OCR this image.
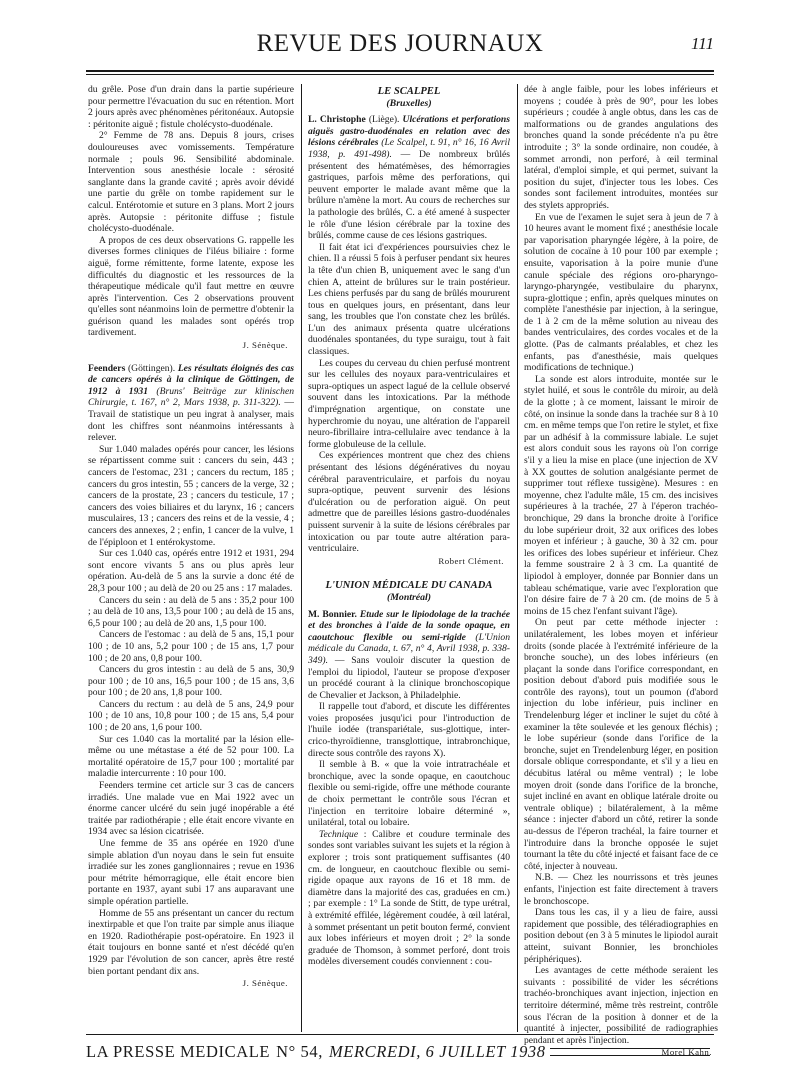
REVUE DES JOURNAUX	111

du grêle. Pose d'un drain dans la partie supérieure pour permettre l'évacuation du suc en rétention. Mort 2 jours après avec phénomènes péritonéaux. Autopsie : péritonite aiguë ; fistule cholécysto-duodénale.

2° Femme de 78 ans. Depuis 8 jours, crises douloureuses avec vomissements. Température normale ; pouls 96. Sensibilité abdominale. Intervention sous anesthésie locale : sérosité sanglante dans la grande cavité ; après avoir dévidé une partie du grêle on tombe rapidement sur le calcul. Entérotomie et suture en 3 plans. Mort 2 jours après. Autopsie : péritonite diffuse ; fistule cholécysto-duodénale.

A propos de ces deux observations G. rappelle les diverses formes cliniques de l'iléus biliaire : forme aiguë, forme rémittente, forme latente, expose les difficultés du diagnostic et les ressources de la thérapeutique médicale qu'il faut mettre en œuvre après l'intervention. Ces 2 observations prouvent qu'elles sont néanmoins loin de permettre d'obtenir la guérison quand les malades sont opérés trop tardivement.

J. Sénèque.

Feenders (Göttingen). Les résultats éloignés des cas de cancers opérés à la clinique de Göttingen, de 1912 à 1931 (Bruns' Beiträge zur klinischen Chirurgie, t. 167, n° 2, Mars 1938, p. 311-322). — Travail de statistique un peu ingrat à analyser, mais dont les chiffres sont néanmoins intéressants à relever.

Sur 1.040 malades opérés pour cancer, les lésions se répartissent comme suit : cancers du sein, 443 ; cancers de l'estomac, 231 ; cancers du rectum, 185 ; cancers du gros intestin, 55 ; cancers de la verge, 32 ; cancers de la prostate, 23 ; cancers du testicule, 17 ; cancers des voies biliaires et du larynx, 16 ; cancers musculaires, 13 ; cancers des reins et de la vessie, 4 ; cancers des annexes, 2 ; enfin, 1 cancer de la vulve, 1 de l'épiploon et 1 entérokystome.

Sur ces 1.040 cas, opérés entre 1912 et 1931, 294 sont encore vivants 5 ans ou plus après leur opération. Au-delà de 5 ans la survie a donc été de 28,3 pour 100 ; au delà de 20 ou 25 ans : 17 malades.

Cancers du sein : au delà de 5 ans : 35,2 pour 100 ; au delà de 10 ans, 13,5 pour 100 ; au delà de 15 ans, 6,5 pour 100 ; au delà de 20 ans, 1,5 pour 100.

Cancers de l'estomac : au delà de 5 ans, 15,1 pour 100 ; de 10 ans, 5,2 pour 100 ; de 15 ans, 1,7 pour 100 ; de 20 ans, 0,8 pour 100.

Cancers du gros intestin : au delà de 5 ans, 30,9 pour 100 ; de 10 ans, 16,5 pour 100 ; de 15 ans, 3,6 pour 100 ; de 20 ans, 1,8 pour 100.

Cancers du rectum : au delà de 5 ans, 24,9 pour 100 ; de 10 ans, 10,8 pour 100 ; de 15 ans, 5,4 pour 100 ; de 20 ans, 1,6 pour 100.

Sur ces 1.040 cas la mortalité par la lésion elle-même ou une métastase a été de 52 pour 100. La mortalité opératoire de 15,7 pour 100 ; mortalité par maladie intercurrente : 10 pour 100.

Feenders termine cet article sur 3 cas de cancers irradiés. Une malade vue en Mai 1922 avec un énorme cancer ulcéré du sein jugé inopérable a été traitée par radiothérapie ; elle était encore vivante en 1934 avec sa lésion cicatrisée.

Une femme de 35 ans opérée en 1920 d'une simple ablation d'un noyau dans le sein fut ensuite irradiée sur les zones ganglionnaires ; revue en 1936 pour métrite hémorragique, elle était encore bien portante en 1937, ayant subi 17 ans auparavant une simple opération partielle.

Homme de 55 ans présentant un cancer du rectum inextirpable et que l'on traite par simple anus iliaque en 1920. Radiothérapie post-opératoire. En 1923 il était toujours en bonne santé et n'est décédé qu'en 1929 par l'évolution de son cancer, après être resté bien portant pendant dix ans.

J. Sénèque.
LE SCALPEL
(Bruxelles)

L. Christophe (Liège). Ulcérations et perforations aiguës gastro-duodénales en relation avec des lésions cérébrales (Le Scalpel, t. 91, n° 16, 16 Avril 1938, p. 491-498). — De nombreux brûlés présentent des hématémèses, des hémorragies gastriques, parfois même des perforations, qui peuvent emporter le malade avant même que la brûlure n'amène la mort. Au cours de recherches sur la pathologie des brûlés, C. a été amené à suspecter le rôle d'une lésion cérébrale par la toxine des brûlés, comme cause de ces lésions gastriques.

Il fait état ici d'expériences poursuivies chez le chien. Il a réussi 5 fois à perfuser pendant six heures la tête d'un chien B, uniquement avec le sang d'un chien A, atteint de brûlures sur le train postérieur. Les chiens perfusés par du sang de brûlés moururent tous en quelques jours, en présentant, dans leur sang, les troubles que l'on constate chez les brûlés. L'un des animaux présenta quatre ulcérations duodénales spontanées, du type suraigu, tout à fait classiques.

Les coupes du cerveau du chien perfusé montrent sur les cellules des noyaux para-ventriculaires et supra-optiques un aspect lagué de la cellule observé souvent dans les intoxications. Par la méthode d'imprégnation argentique, on constate une hyperchromie du noyau, une altération de l'appareil neuro-fibrillaire intra-cellulaire avec tendance à la forme globuleuse de la cellule.

Ces expériences montrent que chez des chiens présentant des lésions dégénératives du noyau cérébral paraventriculaire, et parfois du noyau supra-optique, peuvent survenir des lésions d'ulcération ou de perforation aiguë. On peut admettre que de pareilles lésions gastro-duodénales puissent survenir à la suite de lésions cérébrales par intoxication ou par toute autre altération para-ventriculaire.

Robert Clément.
L'UNION MÉDICALE DU CANADA
(Montréal)

M. Bonnier. Etude sur le lipiodolage de la trachée et des bronches à l'aide de la sonde opaque, en caoutchouc flexible ou semi-rigide (L'Union médicale du Canada, t. 67, n° 4, Avril 1938, p. 338-349). — Sans vouloir discuter la question de l'emploi du lipiodol, l'auteur se propose d'exposer un procédé courant à la clinique bronchoscopique de Chevalier et Jackson, à Philadelphie.

Il rappelle tout d'abord, et discute les différentes voies proposées jusqu'ici pour l'introduction de l'huile iodée (transpariétale, sus-glottique, inter-crico-thyroïdienne, transglottique, intrabronchique, directe sous contrôle des rayons X).

Il semble à B. « que la voie intratrachéale et bronchique, avec la sonde opaque, en caoutchouc flexible ou semi-rigide, offre une méthode courante de choix permettant le contrôle sous l'écran et l'injection en territoire lobaire déterminé », unilatéral, total ou lobaire.

Technique : Calibre et coudure terminale des sondes sont variables suivant les sujets et la région à explorer ; trois sont pratiquement suffisantes (40 cm. de longueur, en caoutchouc flexible ou semi-rigide opaque aux rayons de 16 et 18 mm. de diamètre dans la majorité des cas, graduées en cm.) ; par exemple : 1° La sonde de Stitt, de type urétral, à extrémité effilée, légèrement coudée, à œil latéral, à sommet présentant un petit bouton fermé, convient aux lobes inférieurs et moyen droit ; 2° la sonde graduée de Thomson, à sommet perforé, dont trois modèles diversement coudés conviennent : cou-

dée à angle faible, pour les lobes inférieurs et moyens ; coudée à près de 90°, pour les lobes supérieurs ; coudée à angle obtus, dans les cas de malformations ou de grandes angulations des bronches quand la sonde précédente n'a pu être introduite ; 3° la sonde ordinaire, non coudée, à sommet arrondi, non perforé, à œil terminal latéral, d'emploi simple, et qui permet, suivant la position du sujet, d'injecter tous les lobes. Ces sondes sont facilement introduites, montées sur des stylets appropriés.

En vue de l'examen le sujet sera à jeun de 7 à 10 heures avant le moment fixé ; anesthésie locale par vaporisation pharyngée légère, à la poire, de solution de cocaïne à 10 pour 100 par exemple ; ensuite, vaporisation à la poire munie d'une canule spéciale des régions oro-pharyngo-laryngo-pharyngée, vestibulaire du pharynx, supra-glottique ; enfin, après quelques minutes on complète l'anesthésie par injection, à la seringue, de 1 à 2 cm de la même solution au niveau des bandes ventriculaires, des cordes vocales et de la glotte. (Pas de calmants préalables, et chez les enfants, pas d'anesthésie, mais quelques modifications de technique.)

La sonde est alors introduite, montée sur le stylet huilé, et sous le contrôle du miroir, au delà de la glotte ; à ce moment, laissant le miroir de côté, on insinue la sonde dans la trachée sur 8 à 10 cm. en même temps que l'on retire le stylet, et fixe par un adhésif à la commissure labiale. Le sujet est alors conduit sous les rayons où l'on corrige s'il y a lieu la mise en place (une injection de XV à XX gouttes de solution analgésiante permet de supprimer tout réflexe tussigène). Mesures : en moyenne, chez l'adulte mâle, 15 cm. des incisives supérieures à la trachée, 27 à l'éperon trachéo-bronchique, 29 dans la bronche droite à l'orifice du lobe supérieur droit, 32 aux orifices des lobes moyen et inférieur ; à gauche, 30 à 32 cm. pour les orifices des lobes supérieur et inférieur. Chez la femme soustraire 2 à 3 cm. La quantité de lipiodol à employer, donnée par Bonnier dans un tableau schématique, varie avec l'exploration que l'on désire faire de 7 à 20 cm. (de moins de 5 à moins de 15 chez l'enfant suivant l'âge).

On peut par cette méthode injecter : unilatéralement, les lobes moyen et inférieur droits (sonde placée à l'extrémité inférieure de la bronche souche), un des lobes inférieurs (en plaçant la sonde dans l'orifice correspondant, en position debout d'abord puis modifiée sous le contrôle des rayons), tout un poumon (d'abord injection du lobe inférieur, puis incliner en Trendelenburg léger et incliner le sujet du côté à examiner la tête soulevée et les genoux fléchis) ; le lobe supérieur (sonde dans l'orifice de la bronche, sujet en Trendelenburg léger, en position dorsale oblique correspondante, et s'il y a lieu en décubitus latéral ou même ventral) ; le lobe moyen droit (sonde dans l'orifice de la bronche, sujet incliné en avant en oblique latérale droite ou ventrale oblique) ; bilatéralement, à la même séance : injecter d'abord un côté, retirer la sonde au-dessus de l'éperon trachéal, la faire tourner et l'introduire dans la bronche opposée le sujet tournant la tête du côté injecté et faisant face de ce côté, injecter à nouveau.

N.B. — Chez les nourrissons et très jeunes enfants, l'injection est faite directement à travers le bronchoscope.

Dans tous les cas, il y a lieu de faire, aussi rapidement que possible, des téléradiographies en position debout (en 3 à 5 minutes le lipiodol aurait atteint, suivant Bonnier, les bronchioles périphériques).

Les avantages de cette méthode seraient les suivants : possibilité de vider les sécrétions trachéo-bronchiques avant injection, injection en territoire déterminé, même très restreint, contrôle sous l'écran de la position à donner et de la quantité à injecter, possibilité de radiographies pendant et après l'injection.

Morel Kahn.
LA PRESSE MEDICALE N° 54, MERCREDI, 6 JUILLET 1938
